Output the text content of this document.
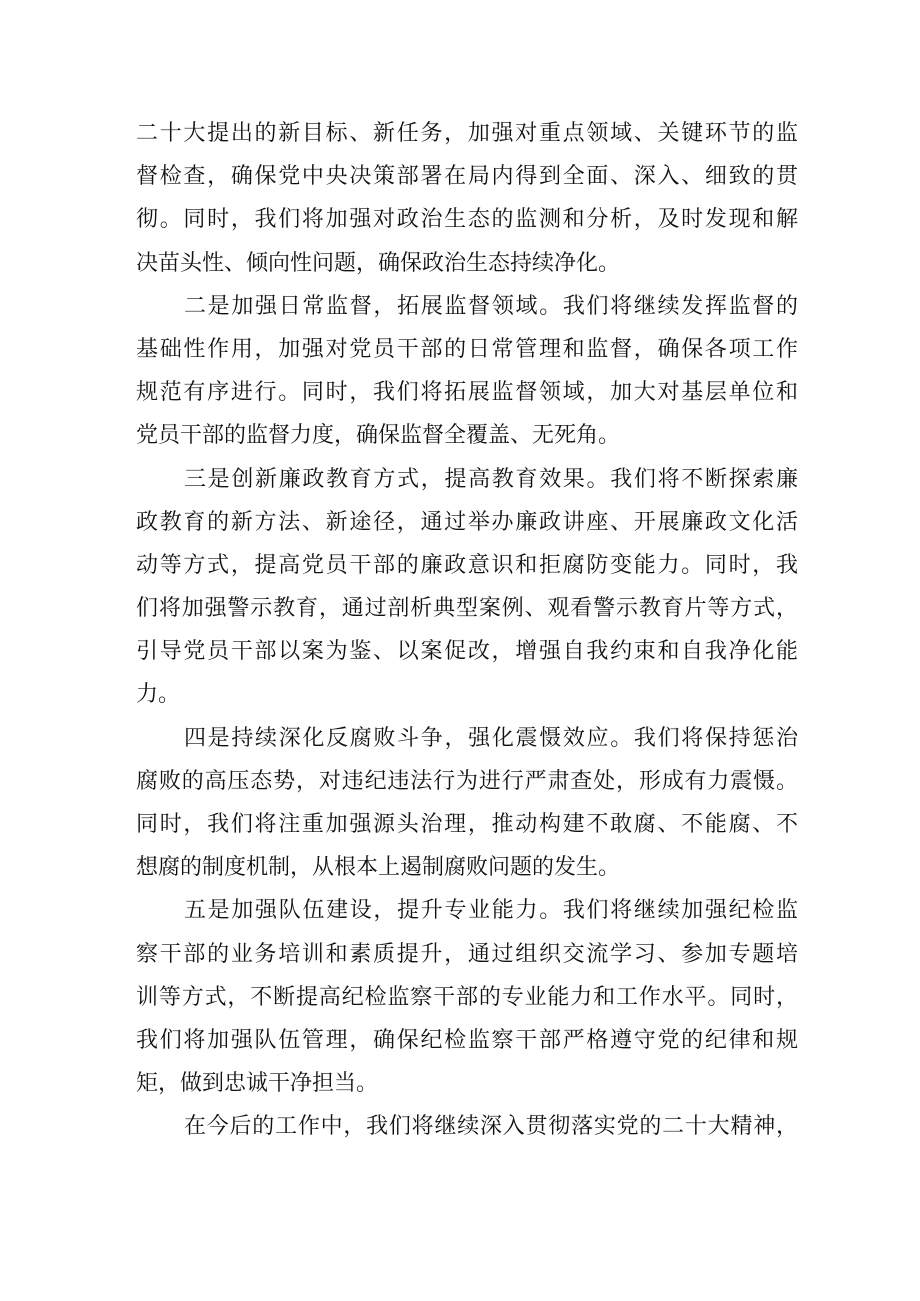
二十大提出的新目标、新任务，加强对重点领域、关键环节的监
督检查，确保党中央决策部署在局内得到全面、深入、细致的贯
彻。同时，我们将加强对政治生态的监测和分析，及时发现和解
决苗头性、倾向性问题，确保政治生态持续净化。
二是加强日常监督，拓展监督领域。我们将继续发挥监督的
基础性作用，加强对党员干部的日常管理和监督，确保各项工作
规范有序进行。同时，我们将拓展监督领域，加大对基层单位和
党员干部的监督力度，确保监督全覆盖、无死角。
三是创新廉政教育方式，提高教育效果。我们将不断探索廉
政教育的新方法、新途径，通过举办廉政讲座、开展廉政文化活
动等方式，提高党员干部的廉政意识和拒腐防变能力。同时，我
们将加强警示教育，通过剖析典型案例、观看警示教育片等方式，
引导党员干部以案为鉴、以案促改，增强自我约束和自我净化能
力。
四是持续深化反腐败斗争，强化震慑效应。我们将保持惩治
腐败的高压态势，对违纪违法行为进行严肃查处，形成有力震慑。
同时，我们将注重加强源头治理，推动构建不敢腐、不能腐、不
想腐的制度机制，从根本上遏制腐败问题的发生。
五是加强队伍建设，提升专业能力。我们将继续加强纪检监
察干部的业务培训和素质提升，通过组织交流学习、参加专题培
训等方式，不断提高纪检监察干部的专业能力和工作水平。同时，
我们将加强队伍管理，确保纪检监察干部严格遵守党的纪律和规
矩，做到忠诚干净担当。
在今后的工作中，我们将继续深入贯彻落实党的二十大精神，
